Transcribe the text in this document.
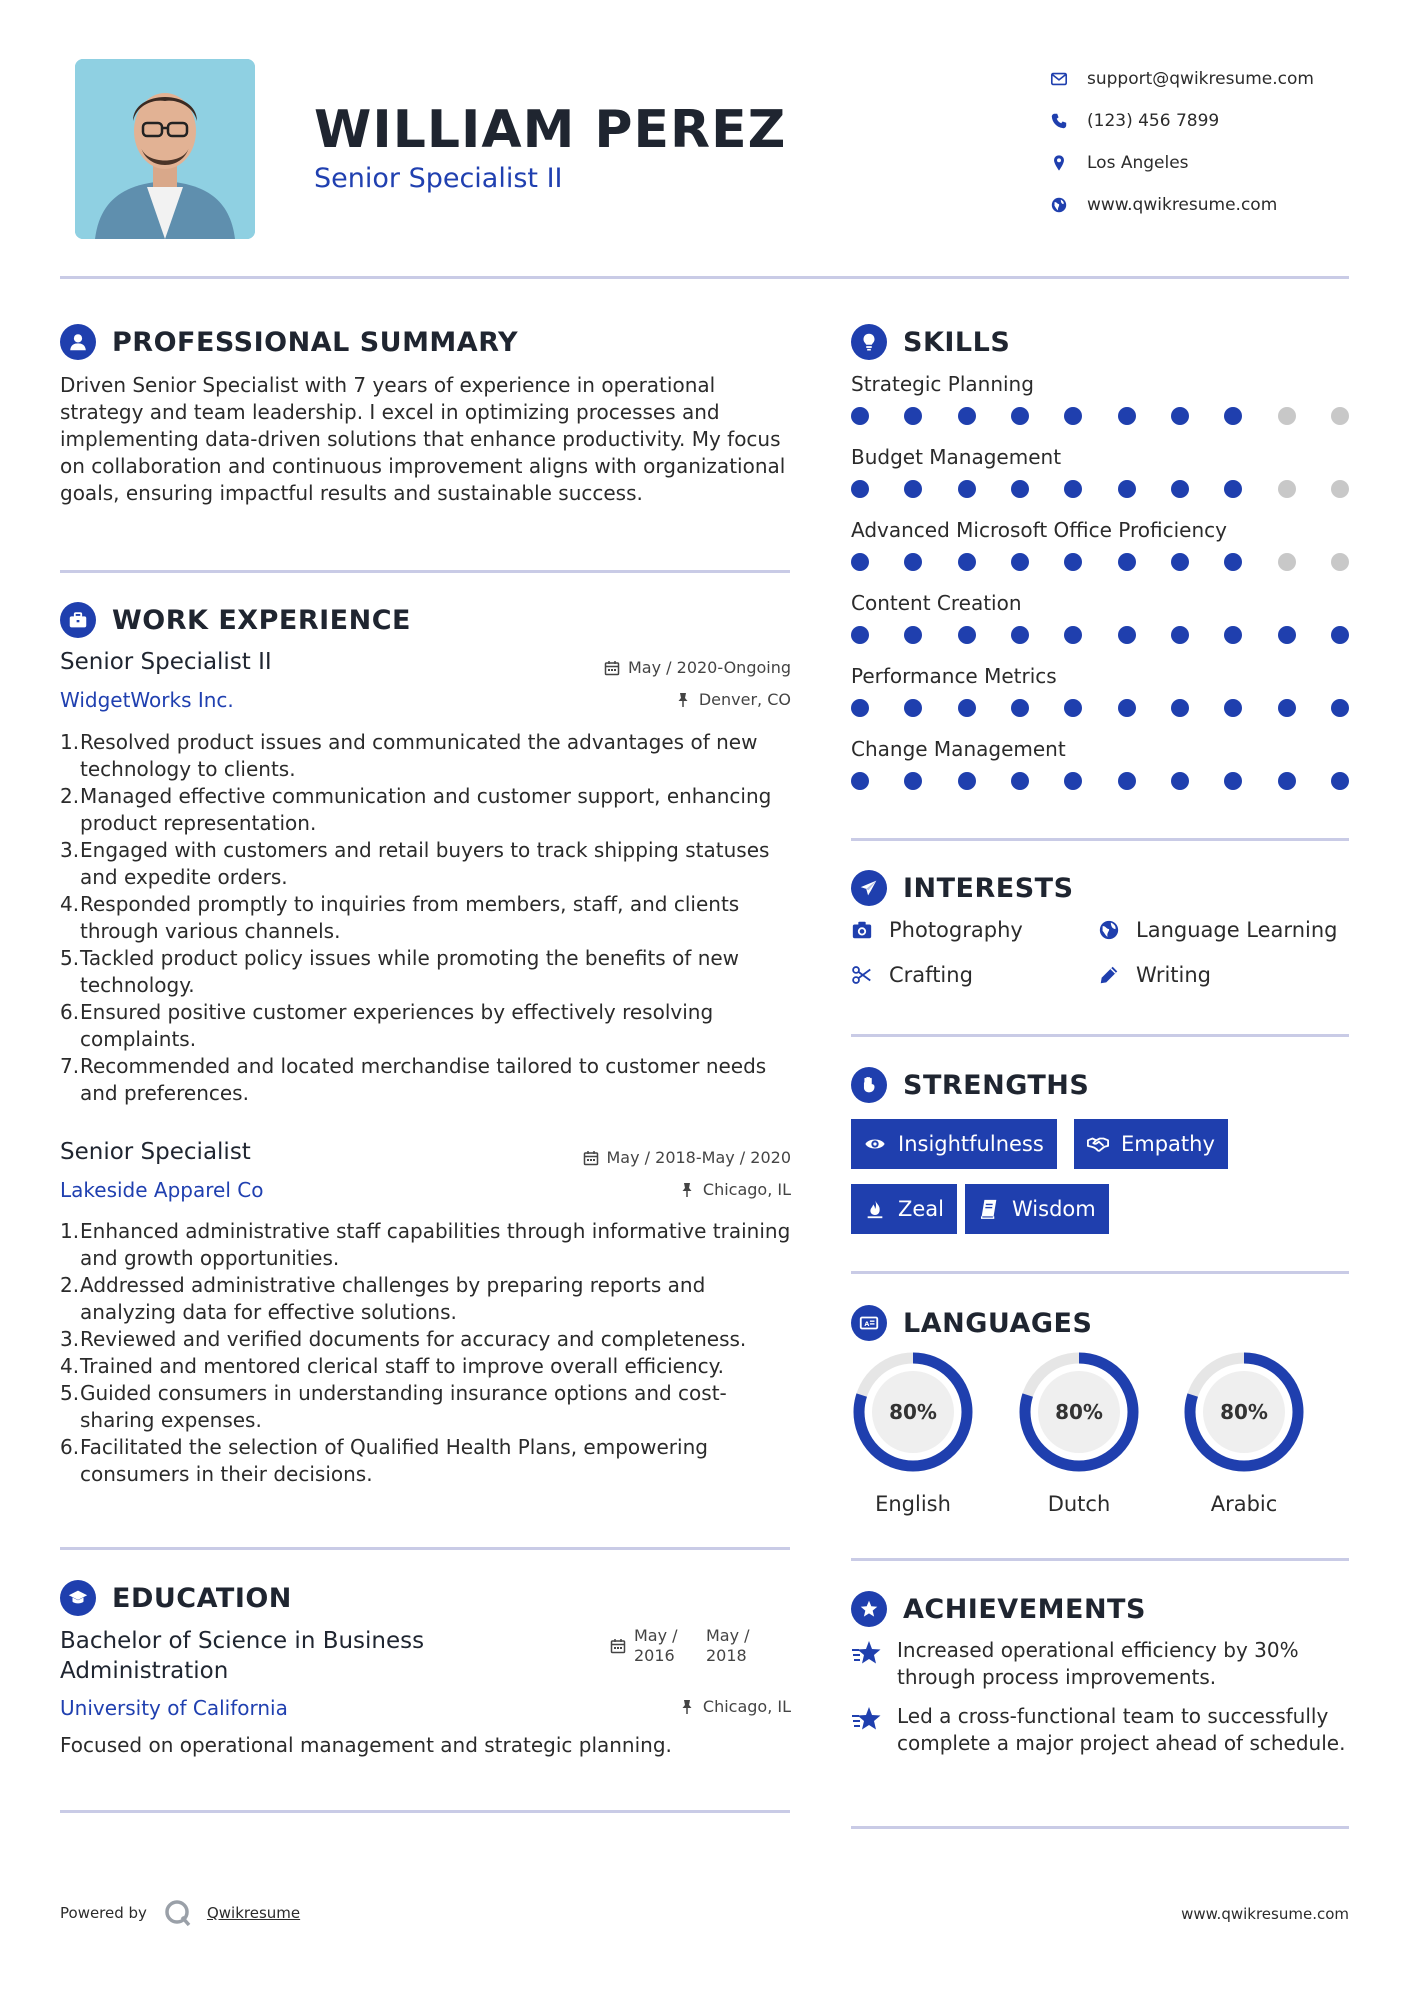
WILLIAM PEREZ
Senior Specialist II
support@qwikresume.com
(123) 456 7899
Los Angeles
www.qwikresume.com
PROFESSIONAL SUMMARY
Driven Senior Specialist with 7 years of experience in operational strategy and team leadership. I excel in optimizing processes and implementing data-driven solutions that enhance productivity. My focus on collaboration and continuous improvement aligns with organizational goals, ensuring impactful results and sustainable success.
WORK EXPERIENCE
Senior Specialist II	May / 2020-Ongoing
WidgetWorks Inc.	Denver, CO
1. Resolved product issues and communicated the advantages of new technology to clients.
2. Managed effective communication and customer support, enhancing product representation.
3. Engaged with customers and retail buyers to track shipping statuses and expedite orders.
4. Responded promptly to inquiries from members, staff, and clients through various channels.
5. Tackled product policy issues while promoting the benefits of new technology.
6. Ensured positive customer experiences by effectively resolving complaints.
7. Recommended and located merchandise tailored to customer needs and preferences.
Senior Specialist	May / 2018-May / 2020
Lakeside Apparel Co	Chicago, IL
1. Enhanced administrative staff capabilities through informative training and growth opportunities.
2. Addressed administrative challenges by preparing reports and analyzing data for effective solutions.
3. Reviewed and verified documents for accuracy and completeness.
4. Trained and mentored clerical staff to improve overall efficiency.
5. Guided consumers in understanding insurance options and cost-sharing expenses.
6. Facilitated the selection of Qualified Health Plans, empowering consumers in their decisions.
EDUCATION
Bachelor of Science in Business Administration
May / 2016
May / 2018
University of California	Chicago, IL
Focused on operational management and strategic planning.
SKILLS
Strategic Planning
Budget Management
Advanced Microsoft Office Proficiency
Content Creation
Performance Metrics
Change Management
INTERESTS
Photography	Language Learning
Crafting	Writing
STRENGTHS
Insightfulness	Empathy
Zeal	Wisdom
A LANGUAGES
80%
English
80%
Dutch
80%
Arabic
ACHIEVEMENTS
Increased operational efficiency by 30% through process improvements.
Led a cross-functional team to successfully complete a major project ahead of schedule.
Powered by	Qwikresume	www.qwikresume.com
